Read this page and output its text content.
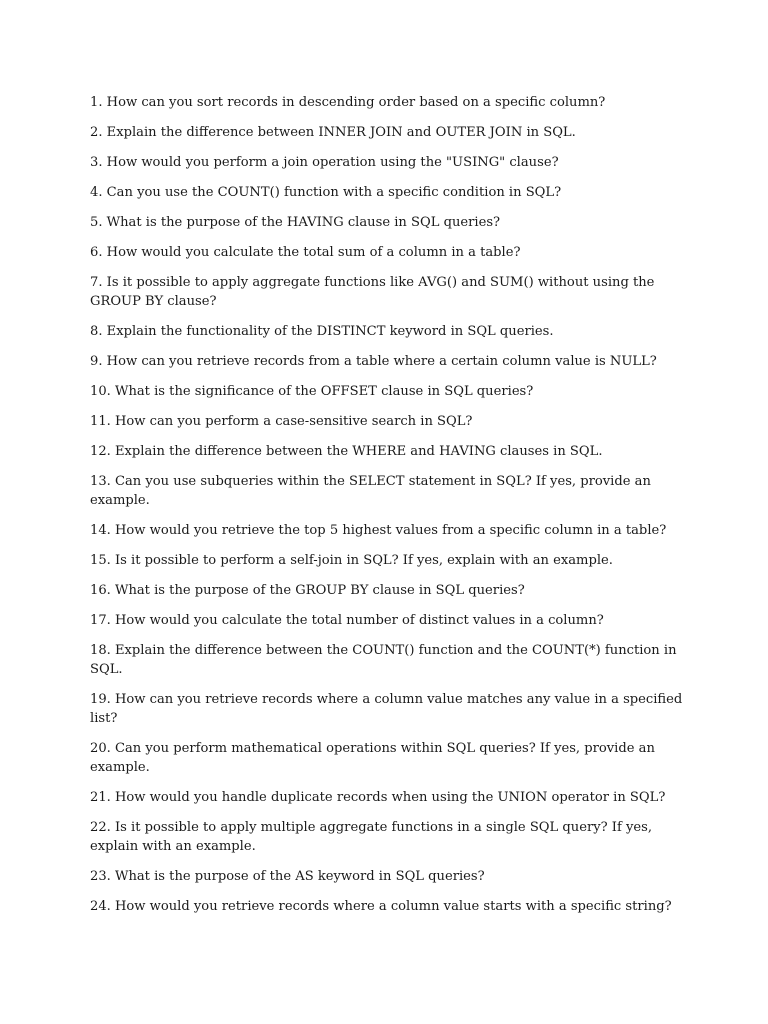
1. How can you sort records in descending order based on a specific column?
2. Explain the difference between INNER JOIN and OUTER JOIN in SQL.
3. How would you perform a join operation using the "USING" clause?
4. Can you use the COUNT() function with a specific condition in SQL?
5. What is the purpose of the HAVING clause in SQL queries?
6. How would you calculate the total sum of a column in a table?
7. Is it possible to apply aggregate functions like AVG() and SUM() without using the GROUP BY clause?
8. Explain the functionality of the DISTINCT keyword in SQL queries.
9. How can you retrieve records from a table where a certain column value is NULL?
10. What is the significance of the OFFSET clause in SQL queries?
11. How can you perform a case-sensitive search in SQL?
12. Explain the difference between the WHERE and HAVING clauses in SQL.
13. Can you use subqueries within the SELECT statement in SQL? If yes, provide an example.
14. How would you retrieve the top 5 highest values from a specific column in a table?
15. Is it possible to perform a self-join in SQL? If yes, explain with an example.
16. What is the purpose of the GROUP BY clause in SQL queries?
17. How would you calculate the total number of distinct values in a column?
18. Explain the difference between the COUNT() function and the COUNT(*) function in SQL.
19. How can you retrieve records where a column value matches any value in a specified list?
20. Can you perform mathematical operations within SQL queries? If yes, provide an example.
21. How would you handle duplicate records when using the UNION operator in SQL?
22. Is it possible to apply multiple aggregate functions in a single SQL query? If yes, explain with an example.
23. What is the purpose of the AS keyword in SQL queries?
24. How would you retrieve records where a column value starts with a specific string?
